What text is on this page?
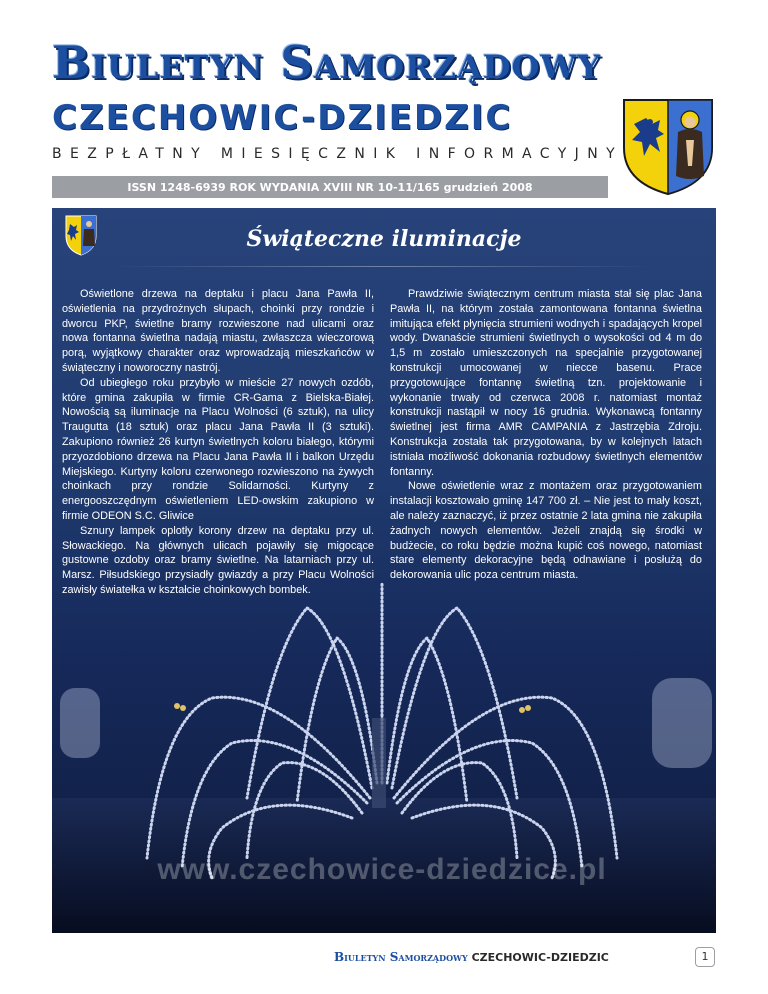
Biuletyn Samorządowy
CZECHOWIC-DZIEDZIC
BEZPŁATNY MIESIĘCZNIK INFORMACYJNY
ISSN 1248-6939 ROK WYDANIA XVIII NR 10-11/165 grudzień 2008
Świąteczne iluminacje

Oświetlone drzewa na deptaku i placu Jana Pawła II, oświetlenia na przydrożnych słupach, choinki przy rondzie i dworcu PKP, świetlne bramy rozwieszone nad ulicami oraz nowa fontanna świetlna nadają miastu, zwłaszcza wieczorową porą, wyjątkowy charakter oraz wprowadzają mieszkańców w świąteczny i noworoczny nastrój.

Od ubiegłego roku przybyło w mieście 27 nowych ozdób, które gmina zakupiła w firmie CR-Gama z Bielska-Białej. Nowością są iluminacje na Placu Wolności (6 sztuk), na ulicy Traugutta (18 sztuk) oraz placu Jana Pawła II (3 sztuki). Zakupiono również 26 kurtyn świetlnych koloru białego, którymi przyozdobiono drzewa na Placu Jana Pawła II i balkon Urzędu Miejskiego. Kurtyny koloru czerwonego rozwieszono na żywych choinkach przy rondzie Solidarności. Kurtyny z energooszczędnym oświetleniem LED-owskim zakupiono w firmie ODEON S.C. Gliwice

Sznury lampek oplotły korony drzew na deptaku przy ul. Słowackiego. Na głównych ulicach pojawiły się migocące gustowne ozdoby oraz bramy świetlne. Na latarniach przy ul. Marsz. Piłsudskiego przysiadły gwiazdy a przy Placu Wolności zawisły światełka w kształcie choinkowych bombek.

Prawdziwie świątecznym centrum miasta stał się plac Jana Pawła II, na którym została zamontowana fontanna świetlna imitująca efekt płynięcia strumieni wodnych i spadających kropel wody. Dwanaście strumieni świetlnych o wysokości od 4 m do 1,5 m zostało umieszczonych na specjalnie przygotowanej konstrukcji umocowanej w niecce basenu. Prace przygotowujące fontannę świetlną tzn. projektowanie i wykonanie trwały od czerwca 2008 r. natomiast montaż konstrukcji nastąpił w nocy 16 grudnia. Wykonawcą fontanny świetlnej jest firma AMR CAMPANIA z Jastrzębia Zdroju. Konstrukcja została tak przygotowana, by w kolejnych latach istniała możliwość dokonania rozbudowy świetlnych elementów fontanny.

Nowe oświetlenie wraz z montażem oraz przygotowaniem instalacji kosztowało gminę 147 700 zł. – Nie jest to mały koszt, ale należy zaznaczyć, iż przez ostatnie 2 lata gmina nie zakupiła żadnych nowych elementów. Jeżeli znajdą się środki w budżecie, co roku będzie można kupić coś nowego, natomiast stare elementy dekoracyjne będą odnawiane i posłużą do dekorowania ulic poza centrum miasta.

www.czechowice-dziedzice.pl
Biuletyn Samorządowy CZECHOWIC-DZIEDZIC	1
